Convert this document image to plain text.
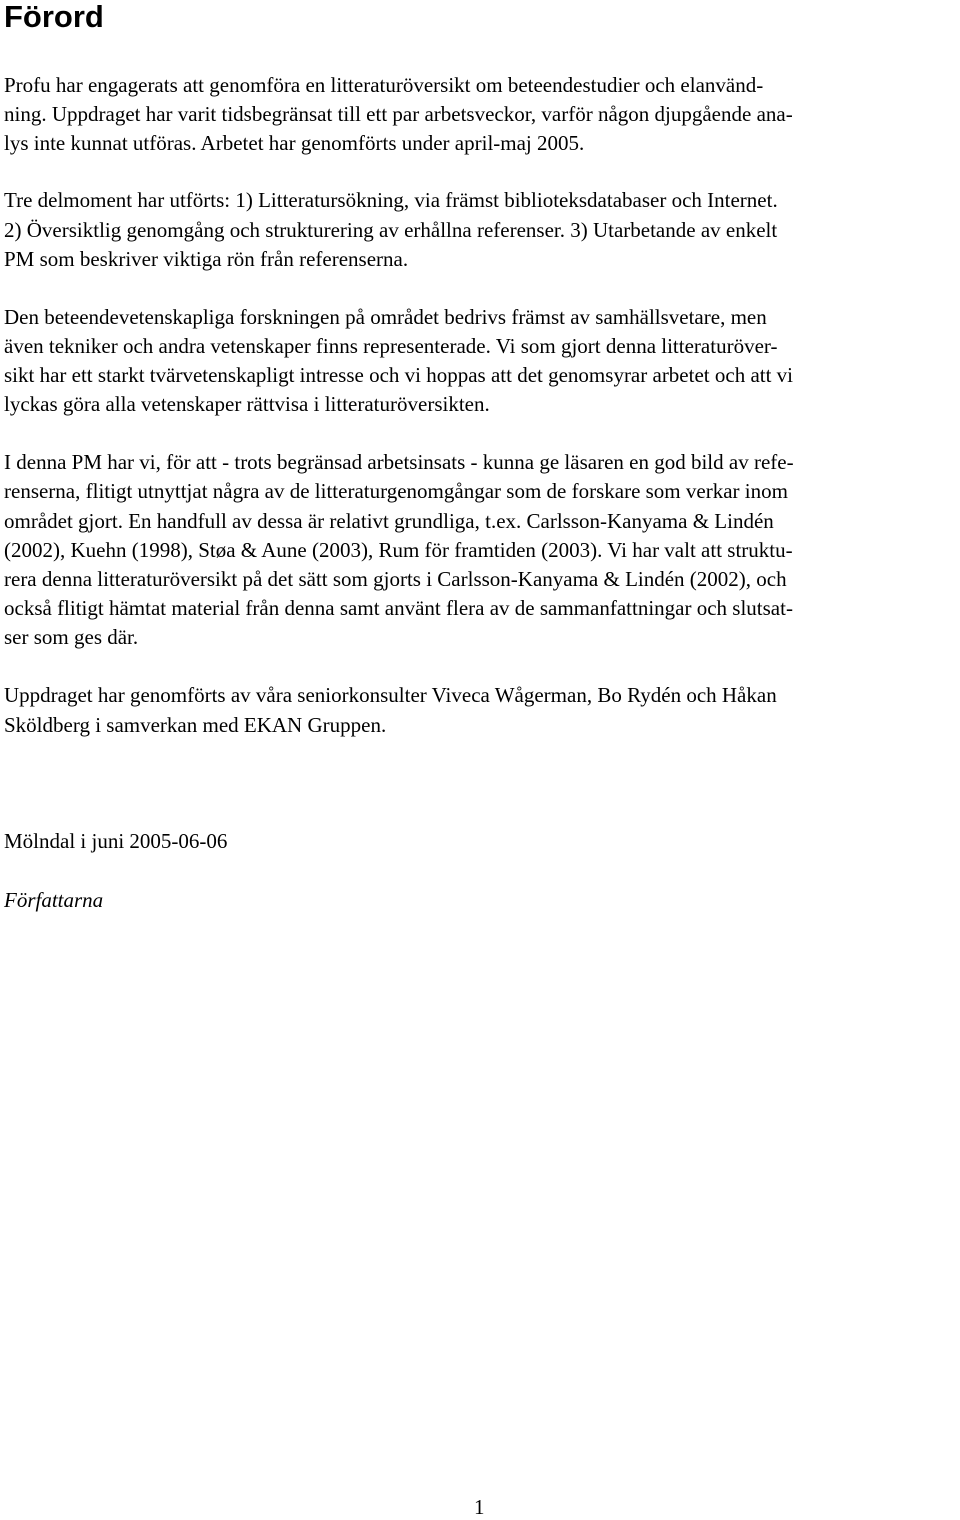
Förord

Profu har engagerats att genomföra en litteraturöversikt om beteendestudier och elanvänd-

ning. Uppdraget har varit tidsbegränsat till ett par arbetsveckor, varför någon djupgående ana-

lys inte kunnat utföras. Arbetet har genomförts under april-maj 2005.

Tre delmoment har utförts: 1) Litteratursökning, via främst biblioteksdatabaser och Internet.

2) Översiktlig genomgång och strukturering av erhållna referenser. 3) Utarbetande av enkelt

PM som beskriver viktiga rön från referenserna.

Den beteendevetenskapliga forskningen på området bedrivs främst av samhällsvetare, men

även tekniker och andra vetenskaper finns representerade. Vi som gjort denna litteraturöver-

sikt har ett starkt tvärvetenskapligt intresse och vi hoppas att det genomsyrar arbetet och att vi

lyckas göra alla vetenskaper rättvisa i litteraturöversikten.

I denna PM har vi, för att - trots begränsad arbetsinsats - kunna ge läsaren en god bild av refe-

renserna, flitigt utnyttjat några av de litteraturgenomgångar som de forskare som verkar inom

området gjort. En handfull av dessa är relativt grundliga, t.ex. Carlsson-Kanyama & Lindén

(2002), Kuehn (1998), Støa & Aune (2003), Rum för framtiden (2003). Vi har valt att struktu-

rera denna litteraturöversikt på det sätt som gjorts i Carlsson-Kanyama & Lindén (2002), och

också flitigt hämtat material från denna samt använt flera av de sammanfattningar och slutsat-

ser som ges där.

Uppdraget har genomförts av våra seniorkonsulter Viveca Wågerman, Bo Rydén och Håkan

Sköldberg i samverkan med EKAN Gruppen.

Mölndal i juni 2005-06-06

Författarna

1
